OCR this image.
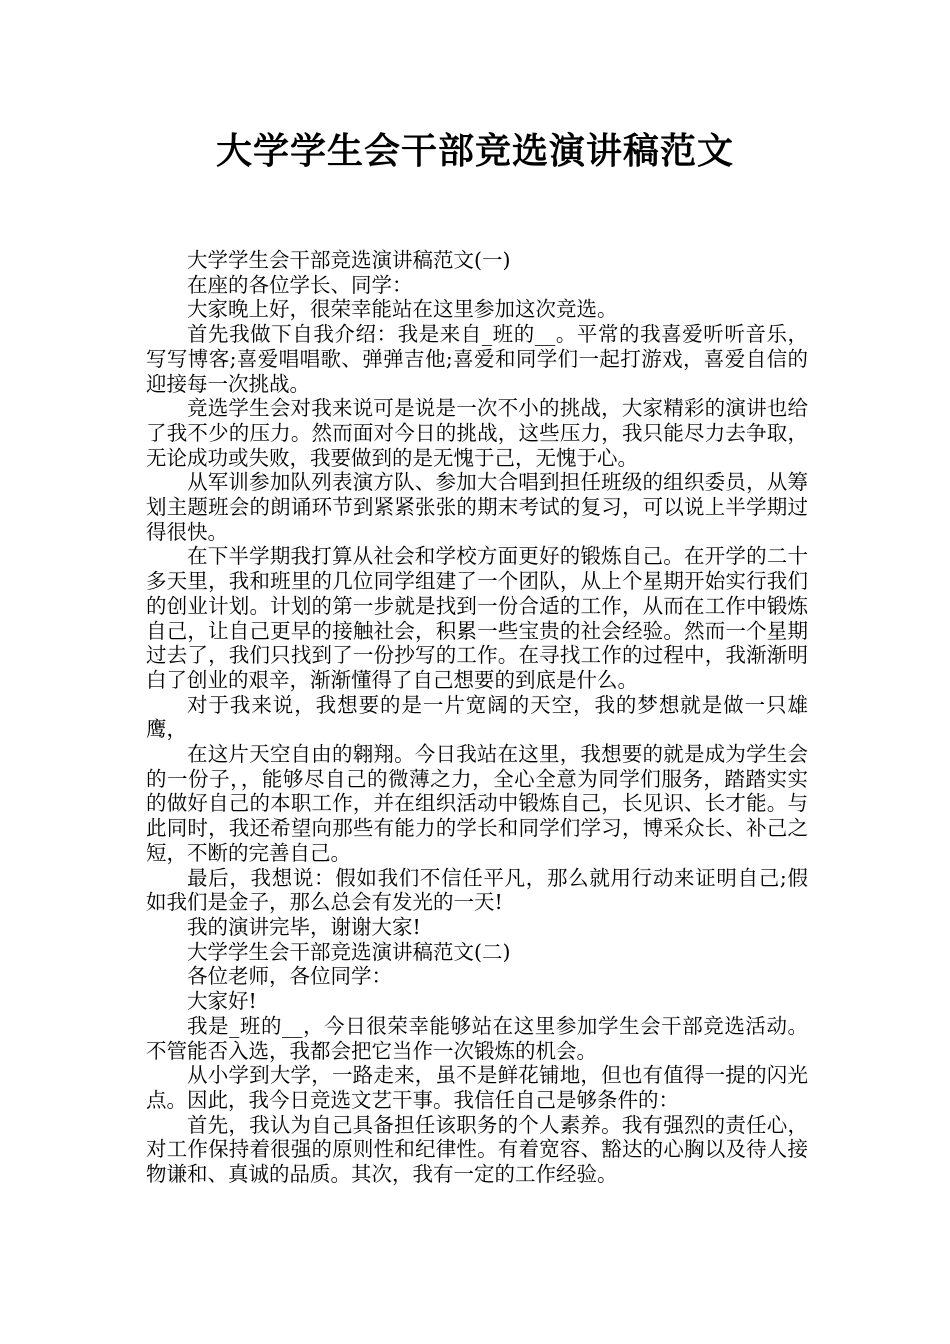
大学学生会干部竞选演讲稿范文

大学学生会干部竞选演讲稿范文(一)

在座的各位学长、同学：

大家晚上好，很荣幸能站在这里参加这次竞选。

首先我做下自我介绍：我是来自_班的__。平常的我喜爱听听音乐，写写博客;喜爱唱唱歌、弹弹吉他;喜爱和同学们一起打游戏，喜爱自信的迎接每一次挑战。

竞选学生会对我来说可是说是一次不小的挑战，大家精彩的演讲也给了我不少的压力。然而面对今日的挑战，这些压力，我只能尽力去争取，无论成功或失败，我要做到的是无愧于己，无愧于心。

从军训参加队列表演方队、参加大合唱到担任班级的组织委员，从筹划主题班会的朗诵环节到紧紧张张的期末考试的复习，可以说上半学期过得很快。

在下半学期我打算从社会和学校方面更好的锻炼自己。在开学的二十多天里，我和班里的几位同学组建了一个团队，从上个星期开始实行我们的创业计划。计划的第一步就是找到一份合适的工作，从而在工作中锻炼自己，让自己更早的接触社会，积累一些宝贵的社会经验。然而一个星期过去了，我们只找到了一份抄写的工作。在寻找工作的过程中，我渐渐明白了创业的艰辛，渐渐懂得了自己想要的到底是什么。

对于我来说，我想要的是一片宽阔的天空，我的梦想就是做一只雄鹰，

在这片天空自由的翱翔。今日我站在这里，我想要的就是成为学生会的一份子，，能够尽自己的微薄之力，全心全意为同学们服务，踏踏实实的做好自己的本职工作，并在组织活动中锻炼自己，长见识、长才能。与此同时，我还希望向那些有能力的学长和同学们学习，博采众长、补己之短，不断的完善自己。

最后，我想说：假如我们不信任平凡，那么就用行动来证明自己;假如我们是金子，那么总会有发光的一天!

我的演讲完毕，谢谢大家!

大学学生会干部竞选演讲稿范文(二)

各位老师，各位同学：

大家好!

我是_班的__，今日很荣幸能够站在这里参加学生会干部竞选活动。不管能否入选，我都会把它当作一次锻炼的机会。

从小学到大学，一路走来，虽不是鲜花铺地，但也有值得一提的闪光点。因此，我今日竞选文艺干事。我信任自己是够条件的：

首先，我认为自己具备担任该职务的个人素养。我有强烈的责任心，对工作保持着很强的原则性和纪律性。有着宽容、豁达的心胸以及待人接物谦和、真诚的品质。其次，我有一定的工作经验。
